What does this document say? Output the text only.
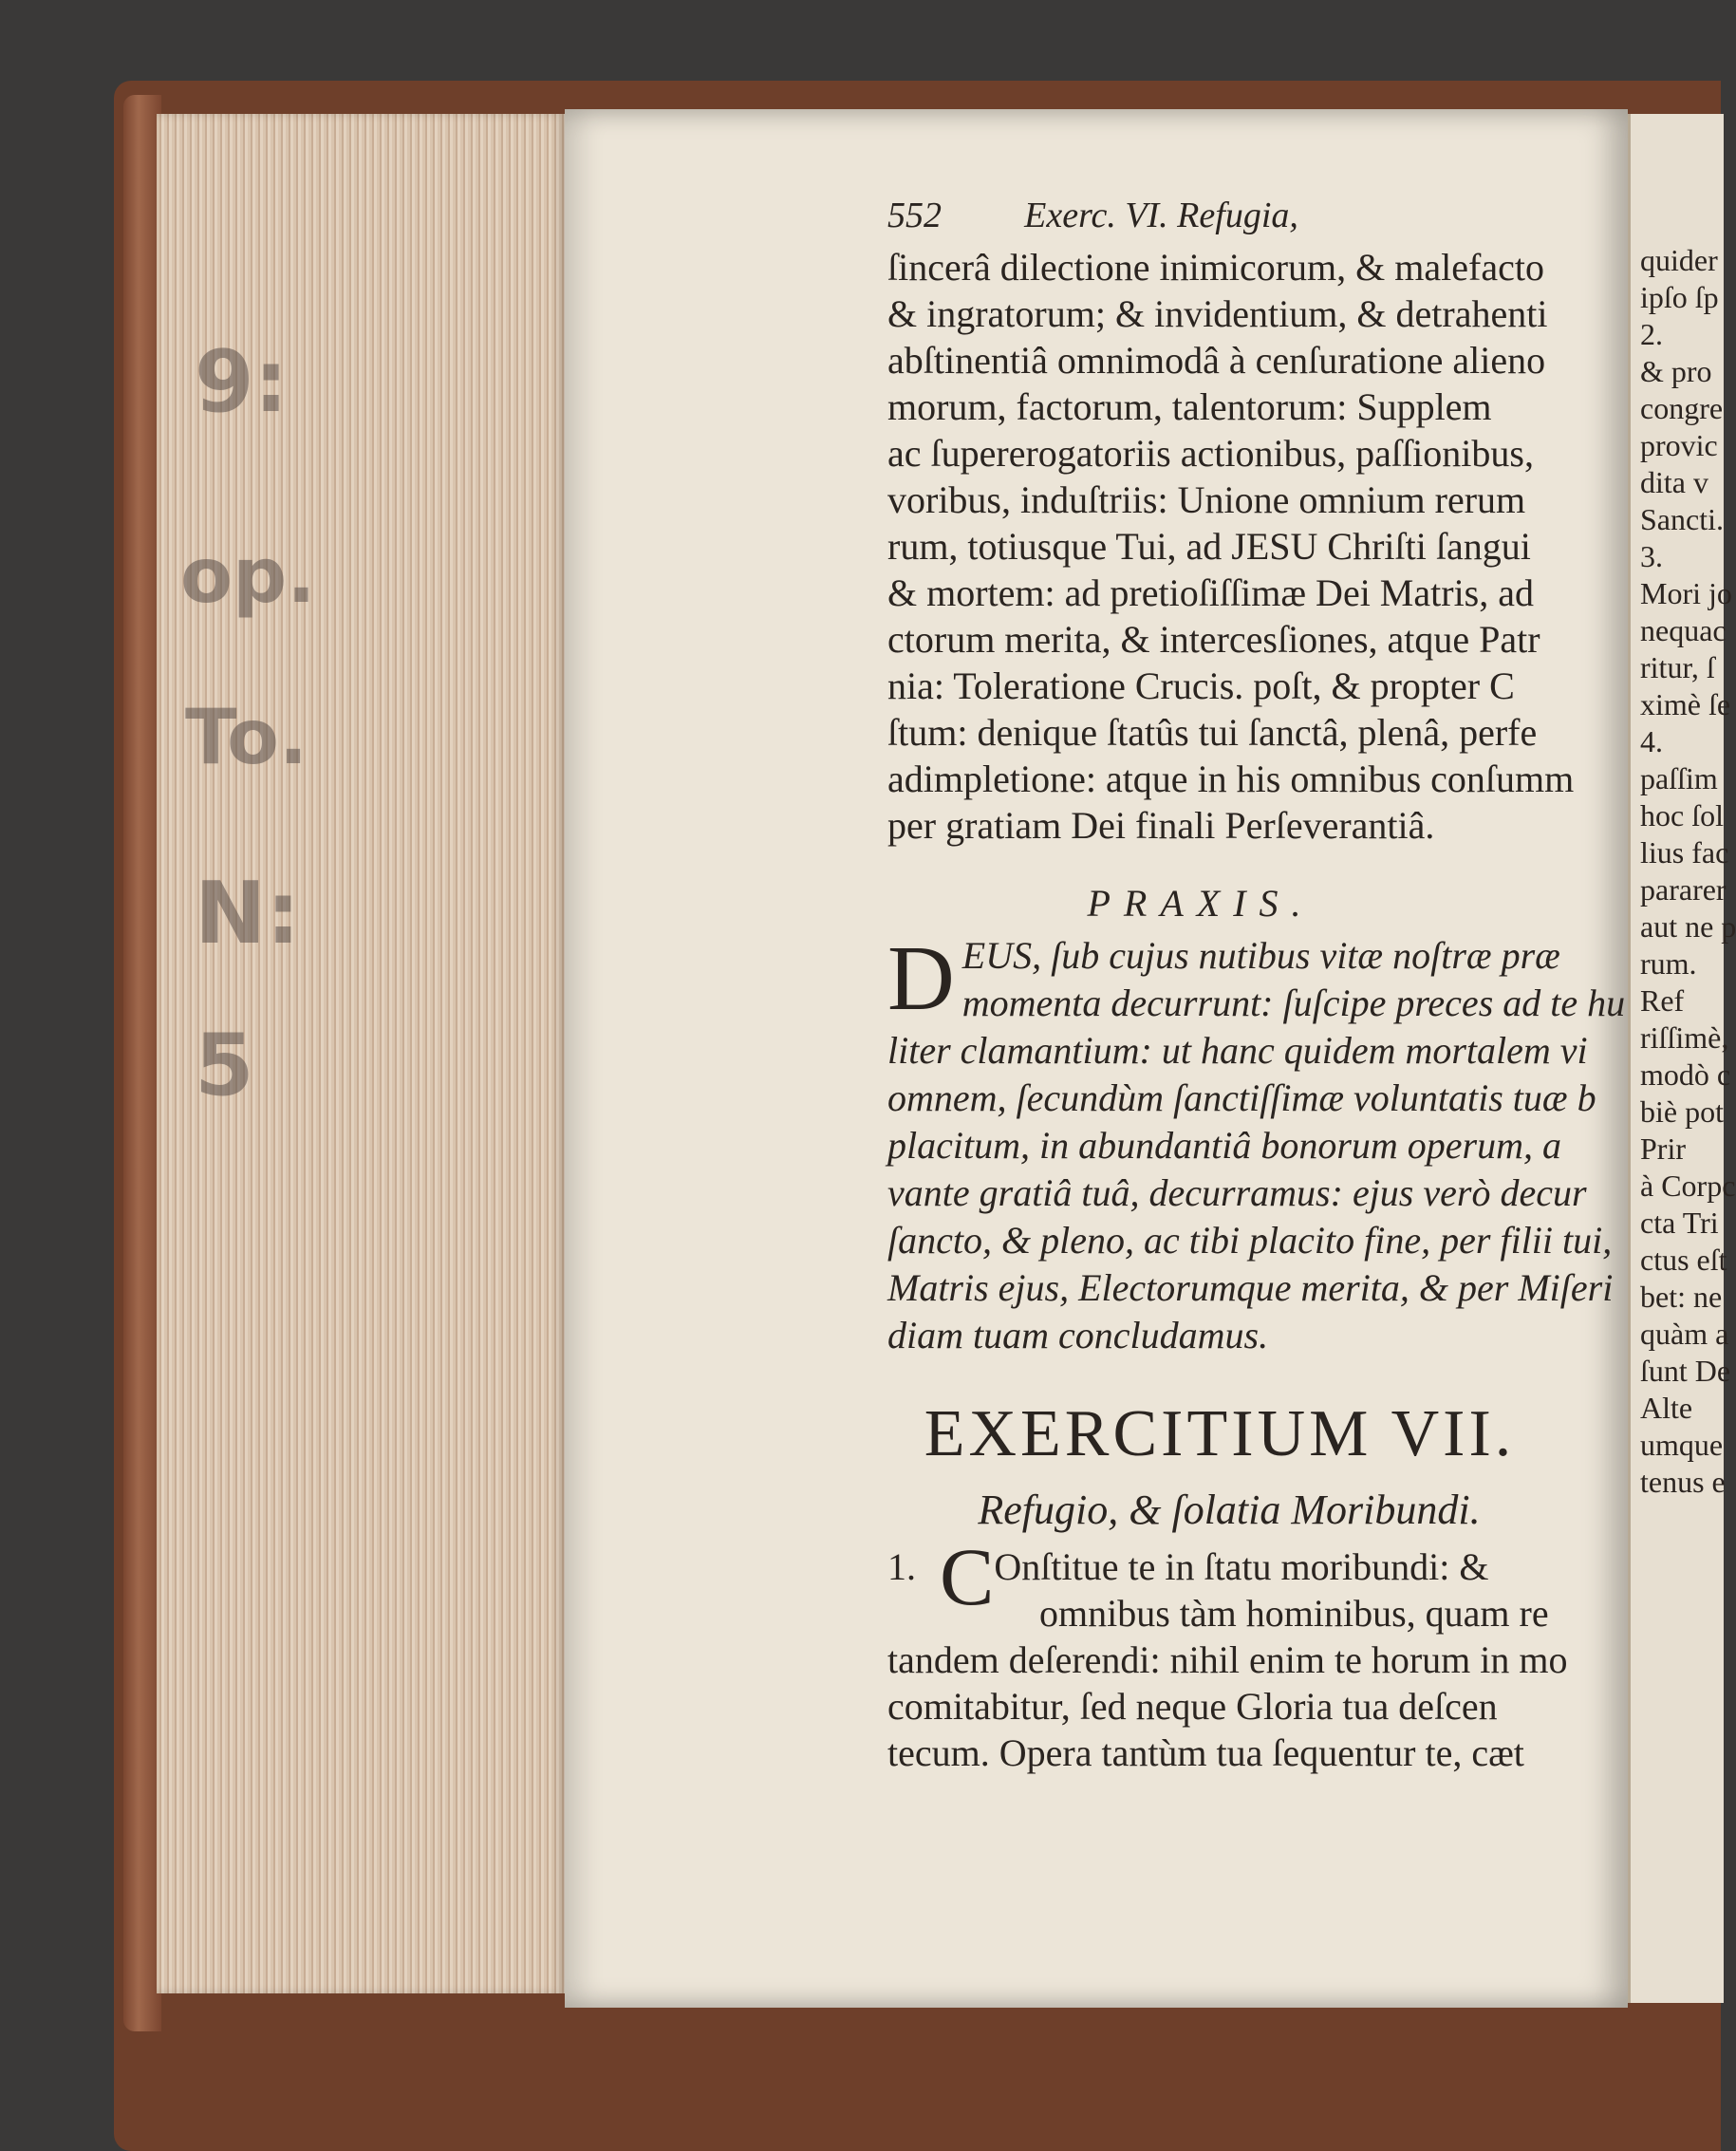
9:
op.
To.
N:
5
quider
ipſo ſp
2.
& pro
congre
provic
dita v
Sancti.
3.
Mori jo
nequac
ritur, ſ
ximè ſe
4.
paſſim
hoc ſol
lius fac
pararer
aut ne p
rum.
Ref
riſſimè,
modò c
biè pot
Prir
à Corpc
cta Tri
ctus eſt
bet: ne
quàm a
ſunt De
Alte
umque
tenus e
552 Exerc. VI. Refugia,
ſincerâ dilectione inimicorum, & malefacto
& ingratorum; & invidentium, & detrahenti
abſtinentiâ omnimodâ à cenſuratione alieno
morum, factorum, talentorum: Supplem
ac ſupererogatoriis actionibus, paſſionibus,
voribus, induſtriis: Unione omnium rerum
rum, totiusque Tui, ad JESU Chriſti ſangui
& mortem: ad pretioſiſſimæ Dei Matris, ad
ctorum merita, & intercesſiones, atque Patr
nia: Toleratione Crucis. poſt, & propter C
ſtum: denique ſtatûs tui ſanctâ, plenâ, perfe
adimpletione: atque in his omnibus conſumm
per gratiam Dei finali Perſeverantiâ.
PRAXIS.
D EUS, ſub cujus nutibus vitæ noſtræ præ
momenta decurrunt: ſuſcipe preces ad te hu
liter clamantium: ut hanc quidem mortalem vi
omnem, ſecundùm ſanctiſſimæ voluntatis tuæ b
placitum, in abundantiâ bonorum operum, a
vante gratiâ tuâ, decurramus: ejus verò decur
ſancto, & pleno, ac tibi placito fine, per filii tui,
Matris ejus, Electorumque merita, & per Miſeri
diam tuam concludamus.
EXERCITIUM VII.
Refugio, & ſolatia Moribundi.
1. COnſtitue te in ſtatu moribundi: &
omnibus tàm hominibus, quam re
tandem deſerendi: nihil enim te horum in mo
comitabitur, ſed neque Gloria tua deſcen
tecum. Opera tantùm tua ſequentur te, cæt
